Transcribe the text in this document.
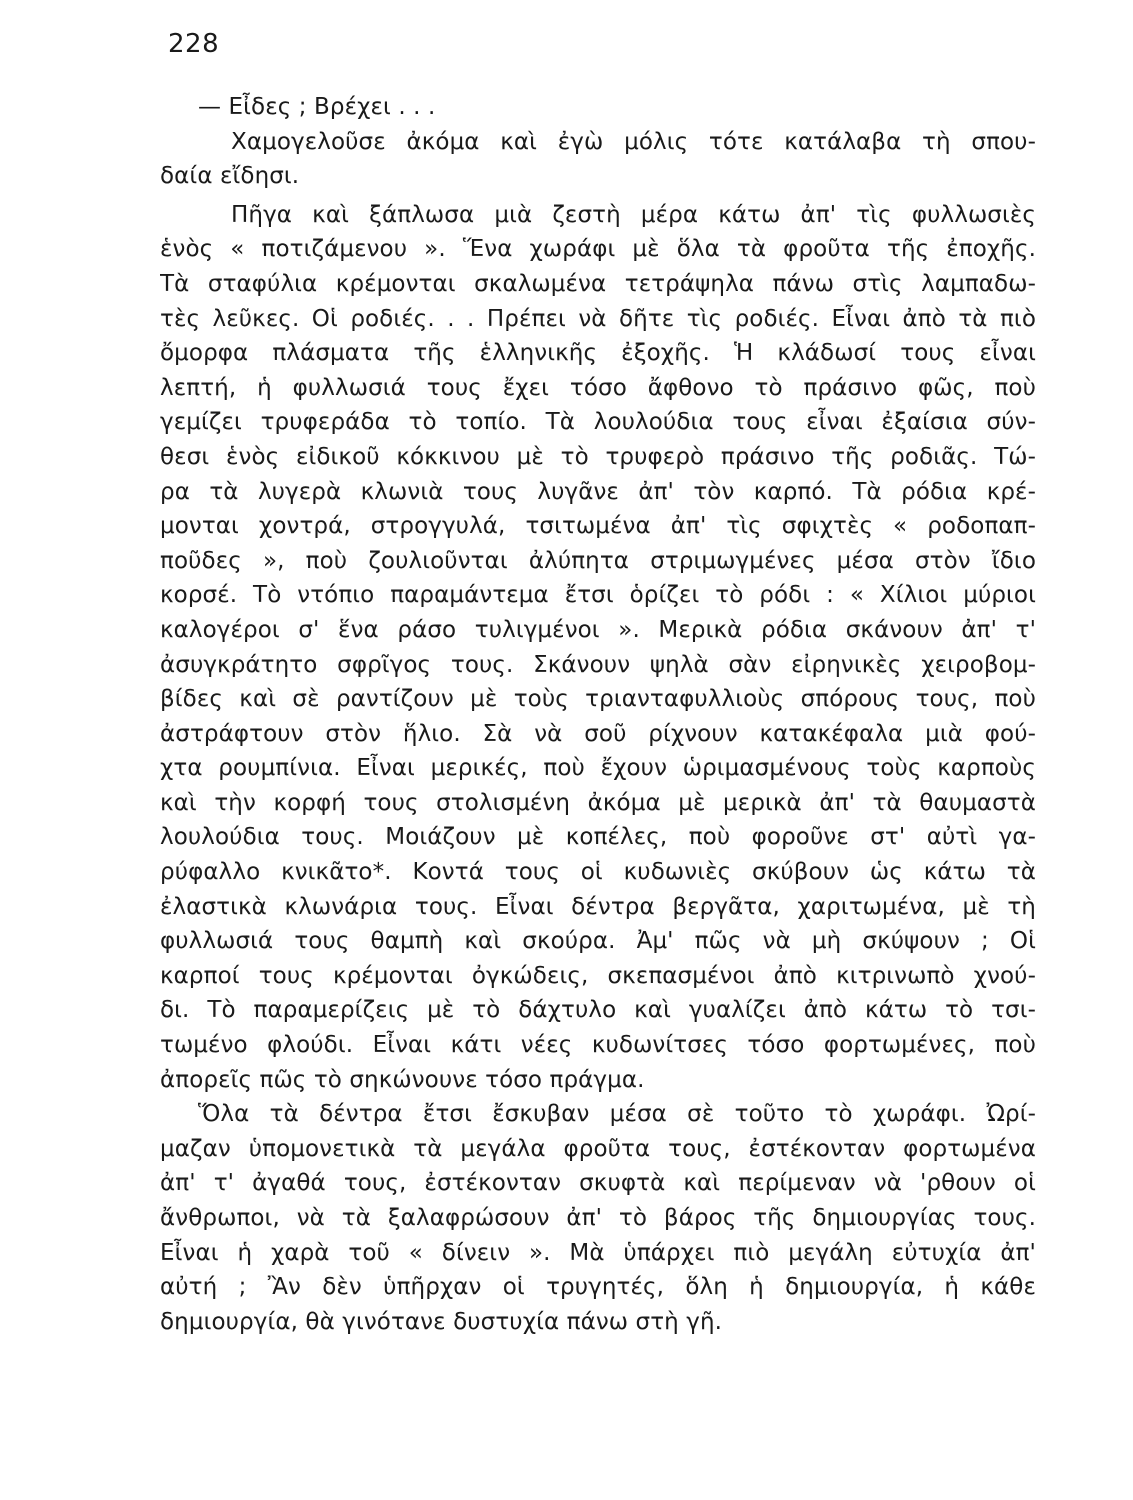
228
— Εἶδες ; Βρέχει . . .
Χαμογελοῦσε ἀκόμα καὶ ἐγὼ μόλις τότε κατάλαβα τὴ σπου-
δαία εἴδησι.
Πῆγα καὶ ξάπλωσα μιὰ ζεστὴ μέρα κάτω ἀπ' τὶς φυλλωσιὲς
ἑνὸς « ποτιζάμενου ». Ἕνα χωράφι μὲ ὅλα τὰ φροῦτα τῆς ἐποχῆς.
Τὰ σταφύλια κρέμονται σκαλωμένα τετράψηλα πάνω στὶς λαμπαδω-
τὲς λεῦκες. Οἱ ροδιές. . . Πρέπει νὰ δῆτε τὶς ροδιές. Εἶναι ἀπὸ τὰ πιὸ
ὄμορφα πλάσματα τῆς ἑλληνικῆς ἐξοχῆς. Ἡ κλάδωσί τους εἶναι
λεπτή, ἡ φυλλωσιά τους ἔχει τόσο ἄφθονο τὸ πράσινο φῶς, ποὺ
γεμίζει τρυφεράδα τὸ τοπίο. Τὰ λουλούδια τους εἶναι ἐξαίσια σύν-
θεσι ἑνὸς εἰδικοῦ κόκκινου μὲ τὸ τρυφερὸ πράσινο τῆς ροδιᾶς. Τώ-
ρα τὰ λυγερὰ κλωνιὰ τους λυγᾶνε ἀπ' τὸν καρπό. Τὰ ρόδια κρέ-
μονται χοντρά, στρογγυλά, τσιτωμένα ἀπ' τὶς σφιχτὲς « ροδοπαπ-
ποῦδες », ποὺ ζουλιοῦνται ἀλύπητα στριμωγμένες μέσα στὸν ἴδιο
κορσέ. Τὸ ντόπιο παραμάντεμα ἔτσι ὁρίζει τὸ ρόδι : « Χίλιοι μύριοι
καλογέροι σ' ἕνα ράσο τυλιγμένοι ». Μερικὰ ρόδια σκάνουν ἀπ' τ'
ἀσυγκράτητο σφρῖγος τους. Σκάνουν ψηλὰ σὰν εἰρηνικὲς χειροβομ-
βίδες καὶ σὲ ραντίζουν μὲ τοὺς τριανταφυλλιοὺς σπόρους τους, ποὺ
ἀστράφτουν στὸν ἥλιο. Σὰ νὰ σοῦ ρίχνουν κατακέφαλα μιὰ φού-
χτα ρουμπίνια. Εἶναι μερικές, ποὺ ἔχουν ὡριμασμένους τοὺς καρποὺς
καὶ τὴν κορφή τους στολισμένη ἀκόμα μὲ μερικὰ ἀπ' τὰ θαυμαστὰ
λουλούδια τους. Μοιάζουν μὲ κοπέλες, ποὺ φοροῦνε στ' αὐτὶ γα-
ρύφαλλο κνικᾶτο*. Κοντά τους οἱ κυδωνιὲς σκύβουν ὡς κάτω τὰ
ἐλαστικὰ κλωνάρια τους. Εἶναι δέντρα βεργᾶτα, χαριτωμένα, μὲ τὴ
φυλλωσιά τους θαμπὴ καὶ σκούρα. Ἀμ' πῶς νὰ μὴ σκύψουν ; Οἱ
καρποί τους κρέμονται ὀγκώδεις, σκεπασμένοι ἀπὸ κιτρινωπὸ χνού-
δι. Τὸ παραμερίζεις μὲ τὸ δάχτυλο καὶ γυαλίζει ἀπὸ κάτω τὸ τσι-
τωμένο φλούδι. Εἶναι κάτι νέες κυδωνίτσες τόσο φορτωμένες, ποὺ
ἀπορεῖς πῶς τὸ σηκώνουνε τόσο πράγμα.
Ὅλα τὰ δέντρα ἔτσι ἔσκυβαν μέσα σὲ τοῦτο τὸ χωράφι. Ὠρί-
μαζαν ὑπομονετικὰ τὰ μεγάλα φροῦτα τους, ἐστέκονταν φορτωμένα
ἀπ' τ' ἀγαθά τους, ἐστέκονταν σκυφτὰ καὶ περίμεναν νὰ 'ρθουν οἱ
ἄνθρωποι, νὰ τὰ ξαλαφρώσουν ἀπ' τὸ βάρος τῆς δημιουργίας τους.
Εἶναι ἡ χαρὰ τοῦ « δίνειν ». Μὰ ὑπάρχει πιὸ μεγάλη εὐτυχία ἀπ'
αὐτή ; Ἂν δὲν ὑπῆρχαν οἱ τρυγητές, ὅλη ἡ δημιουργία, ἡ κάθε
δημιουργία, θὰ γινότανε δυστυχία πάνω στὴ γῆ.
